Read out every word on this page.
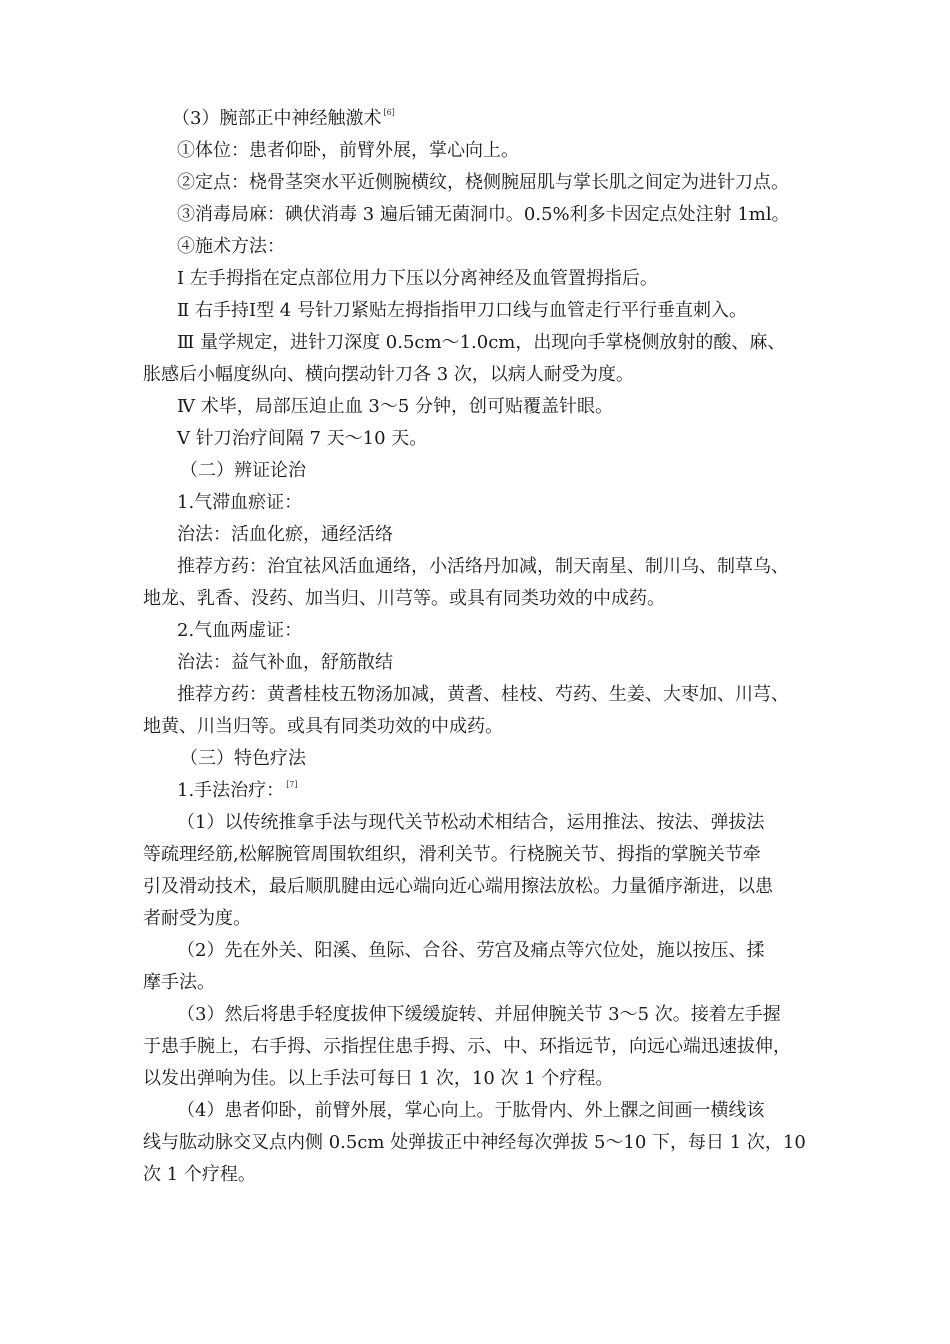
（3）腕部正中神经触激术 [6]
①体位：患者仰卧，前臂外展，掌心向上。
②定点：桡骨茎突水平近侧腕横纹，桡侧腕屈肌与掌长肌之间定为进针刀点。
③消毒局麻：碘伏消毒 3 遍后铺无菌洞巾。0.5%利多卡因定点处注射 1ml。
④施术方法：
Ⅰ 左手拇指在定点部位用力下压以分离神经及血管置拇指后。
Ⅱ 右手持Ⅰ型 4 号针刀紧贴左拇指指甲刀口线与血管走行平行垂直刺入。
Ⅲ 量学规定，进针刀深度 0.5cm～1.0cm，出现向手掌桡侧放射的酸、麻、
胀感后小幅度纵向、横向摆动针刀各 3 次，以病人耐受为度。
Ⅳ 术毕，局部压迫止血 3～5 分钟，创可贴覆盖针眼。
Ⅴ 针刀治疗间隔 7 天～10 天。
（二）辨证论治
1.气滞血瘀证：
治法：活血化瘀，通经活络
推荐方药：治宜祛风活血通络，小活络丹加减，制天南星、制川乌、制草乌、
地龙、乳香、没药、加当归、川芎等。或具有同类功效的中成药。
2.气血两虚证：
治法：益气补血，舒筋散结
推荐方药：黄耆桂枝五物汤加减，黄耆、桂枝、芍药、生姜、大枣加、川芎、
地黄、川当归等。或具有同类功效的中成药。
（三）特色疗法
1.手法治疗： [7]
（1）以传统推拿手法与现代关节松动术相结合，运用推法、按法、弹拔法
等疏理经筋,松解腕管周围软组织，滑利关节。行桡腕关节、拇指的掌腕关节牵
引及滑动技术，最后顺肌腱由远心端向近心端用擦法放松。力量循序渐进，以患
者耐受为度。
（2）先在外关、阳溪、鱼际、合谷、劳宫及痛点等穴位处，施以按压、揉
摩手法。
（3）然后将患手轻度拔伸下缓缓旋转、并屈伸腕关节 3～5 次。接着左手握
于患手腕上，右手拇、示指捏住患手拇、示、中、环指远节，向远心端迅速拔伸，
以发出弹响为佳。以上手法可每日 1 次，10 次 1 个疗程。
（4）患者仰卧，前臂外展，掌心向上。于肱骨内、外上髁之间画一横线该
线与肱动脉交叉点内侧 0.5cm 处弹拔正中神经每次弹拔 5～10 下，每日 1 次，10
次 1 个疗程。
